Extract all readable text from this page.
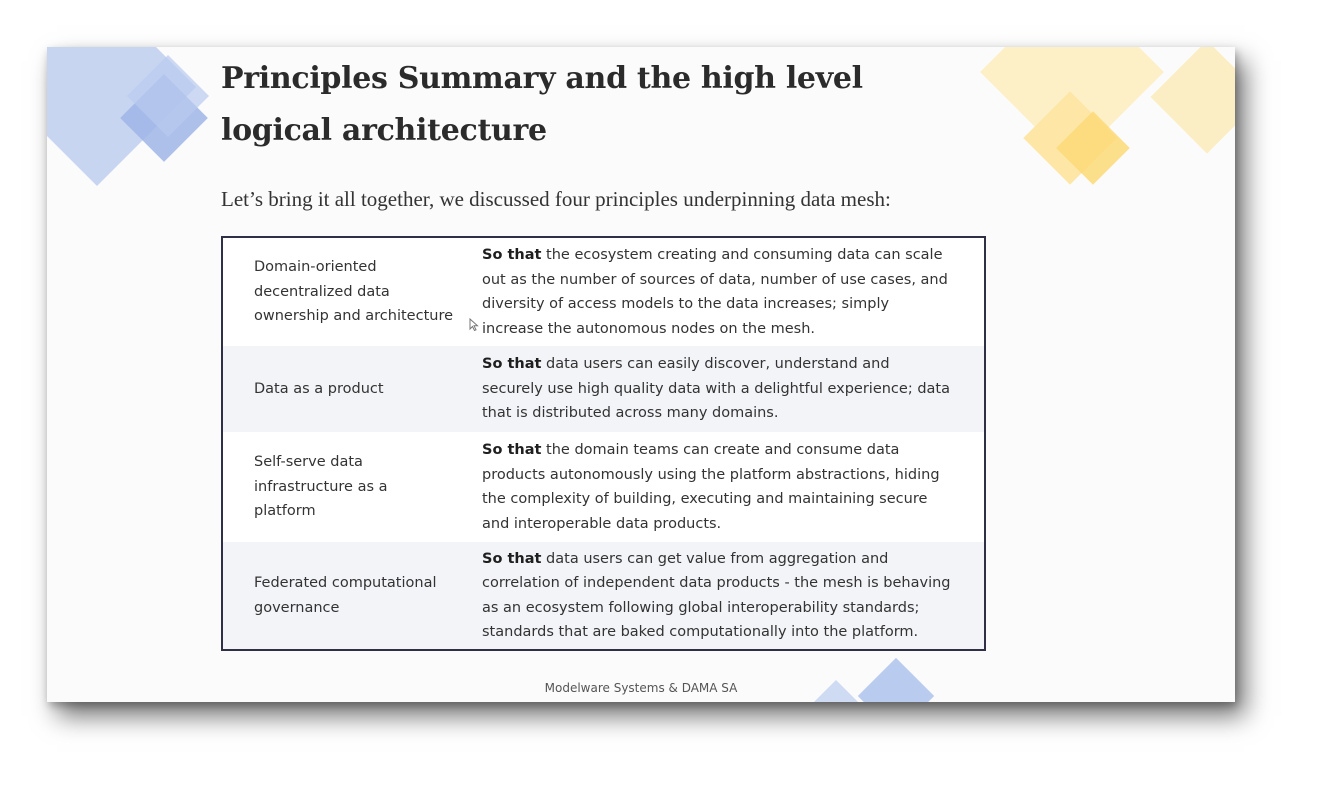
Principles Summary and the high level logical architecture

Let’s bring it all together, we discussed four principles underpinning data mesh:

Domain-oriented decentralized data ownership and architecture
So that the ecosystem creating and consuming data can scale out as the number of sources of data, number of use cases, and diversity of access models to the data increases; simply increase the autonomous nodes on the mesh.
Data as a product
So that data users can easily discover, understand and securely use high quality data with a delightful experience; data that is distributed across many domains.
Self-serve data infrastructure as a platform
So that the domain teams can create and consume data products autonomously using the platform abstractions, hiding the complexity of building, executing and maintaining secure and interoperable data products.
Federated computational governance
So that data users can get value from aggregation and correlation of independent data products - the mesh is behaving as an ecosystem following global interoperability standards; standards that are baked computationally into the platform.
Modelware Systems & DAMA SA
